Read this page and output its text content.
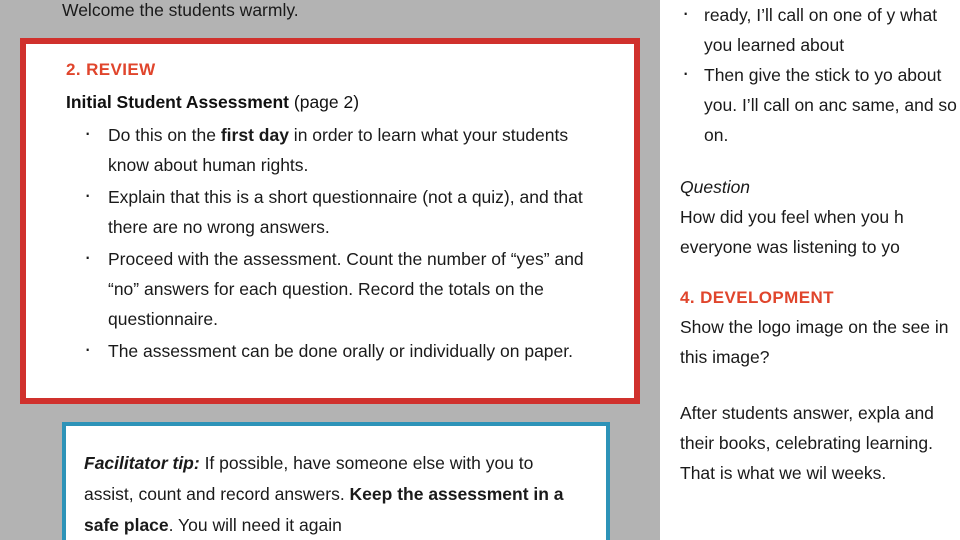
Welcome the students warmly.
2. REVIEW
Initial Student Assessment (page 2)
· Do this on the first day in order to learn what your students know about human rights.
· Explain that this is a short questionnaire (not a quiz), and that there are no wrong answers.
· Proceed with the assessment. Count the number of “yes” and “no” answers for each question. Record the totals on the questionnaire.
· The assessment can be done orally or individually on paper.
Facilitator tip: If possible, have someone else with you to assist, count and record answers. Keep the assessment in a safe place. You will need it again
· ready, I’ll call on one of y what you learned about
· Then give the stick to yo about you. I’ll call on anc same, and so on.
Question
How did you feel when you h everyone was listening to yo
4. DEVELOPMENT
Show the logo image on the see in this image?
After students answer, expla and their books, celebrating learning. That is what we wil weeks.
